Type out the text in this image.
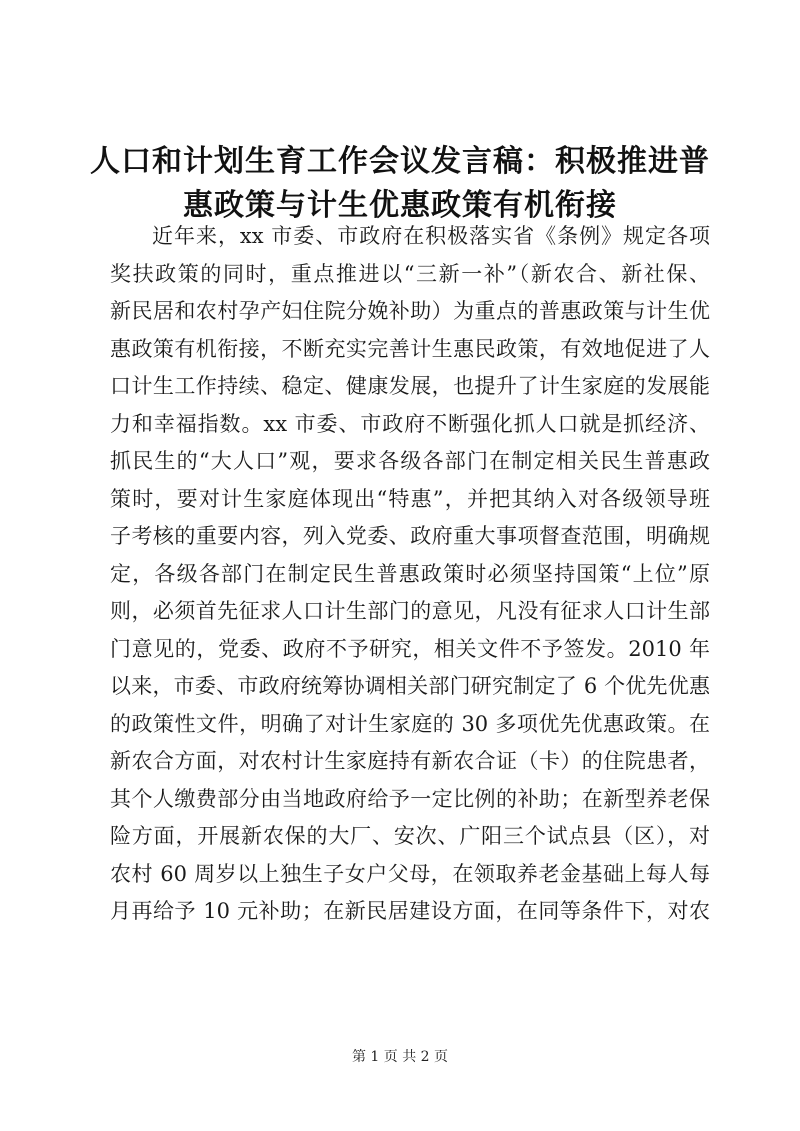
人口和计划生育工作会议发言稿：积极推进普
惠政策与计生优惠政策有机衔接
近年来，xx 市委、市政府在积极落实省《条例》规定各项
奖扶政策的同时，重点推进以“三新一补”（新农合、新社保、
新民居和农村孕产妇住院分娩补助）为重点的普惠政策与计生优
惠政策有机衔接，不断充实完善计生惠民政策，有效地促进了人
口计生工作持续、稳定、健康发展，也提升了计生家庭的发展能
力和幸福指数。xx 市委、市政府不断强化抓人口就是抓经济、
抓民生的“大人口”观，要求各级各部门在制定相关民生普惠政
策时，要对计生家庭体现出“特惠”，并把其纳入对各级领导班
子考核的重要内容，列入党委、政府重大事项督查范围，明确规
定，各级各部门在制定民生普惠政策时必须坚持国策“上位”原
则，必须首先征求人口计生部门的意见，凡没有征求人口计生部
门意见的，党委、政府不予研究，相关文件不予签发。2010 年
以来，市委、市政府统筹协调相关部门研究制定了 6 个优先优惠
的政策性文件，明确了对计生家庭的 30 多项优先优惠政策。在
新农合方面，对农村计生家庭持有新农合证（卡）的住院患者，
其个人缴费部分由当地政府给予一定比例的补助；在新型养老保
险方面，开展新农保的大厂、安次、广阳三个试点县（区），对
农村 60 周岁以上独生子女户父母，在领取养老金基础上每人每
月再给予 10 元补助；在新民居建设方面，在同等条件下，对农
第 1 页 共 2 页
